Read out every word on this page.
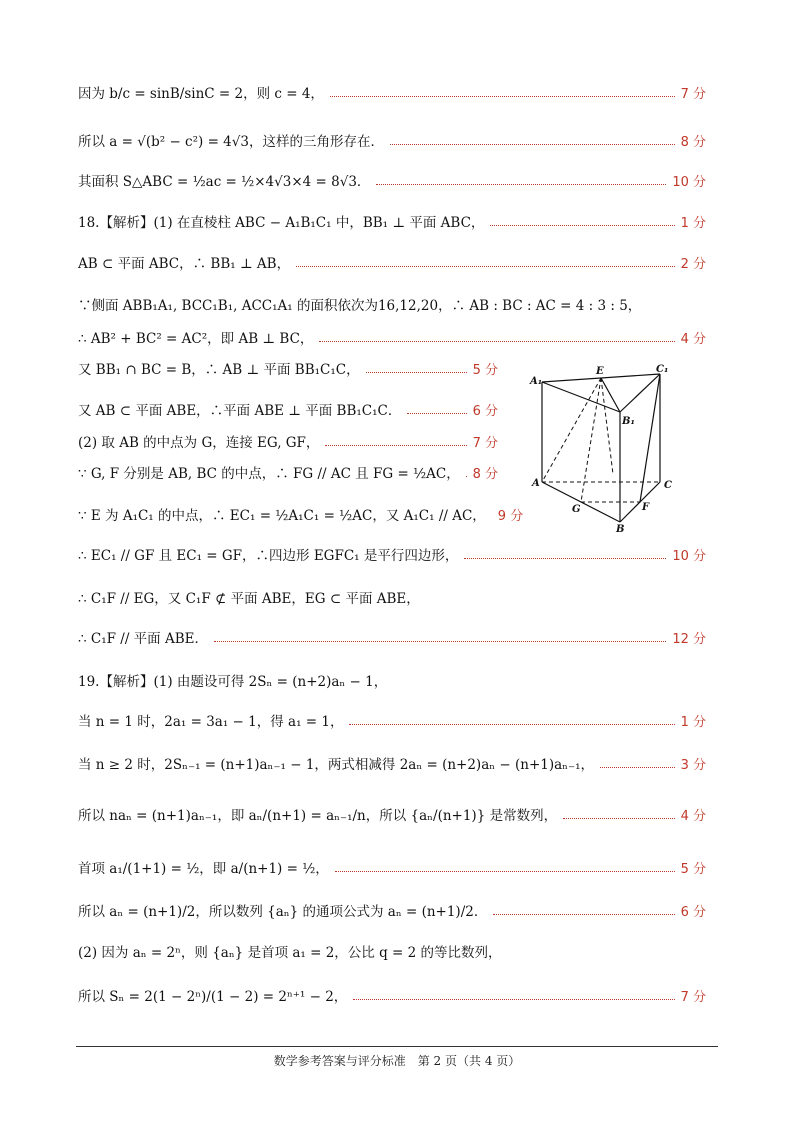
因为 b/c = sinB/sinC = 2，则 c = 4，	7 分
所以 a = √(b² − c²) = 4√3，这样的三角形存在．	8 分
其面积 S△ABC = ½ac = ½×4√3×4 = 8√3．	10 分
18.【解析】(1) 在直棱柱 ABC − A₁B₁C₁ 中，BB₁ ⊥ 平面 ABC，	1 分
AB ⊂ 平面 ABC，∴ BB₁ ⊥ AB，	2 分
∵侧面 ABB₁A₁, BCC₁B₁, ACC₁A₁ 的面积依次为16,12,20，∴ AB : BC : AC = 4 : 3 : 5，
∴ AB² + BC² = AC²，即 AB ⊥ BC，	4 分
又 BB₁ ∩ BC = B，∴ AB ⊥ 平面 BB₁C₁C，	5 分
又 AB ⊂ 平面 ABE，∴平面 ABE ⊥ 平面 BB₁C₁C．	6 分
(2) 取 AB 的中点为 G，连接 EG, GF，	7 分
∵ G, F 分别是 AB, BC 的中点，∴ FG // AC 且 FG = ½AC， 8 分
∵ E 为 A₁C₁ 的中点，∴ EC₁ = ½A₁C₁ = ½AC，又 A₁C₁ // AC， 9 分
∴ EC₁ // GF 且 EC₁ = GF，∴四边形 EGFC₁ 是平行四边形，	10 分
∴ C₁F // EG，又 C₁F ⊄ 平面 ABE，EG ⊂ 平面 ABE，
∴ C₁F // 平面 ABE．	12 分
19.【解析】(1) 由题设可得 2Sₙ = (n+2)aₙ − 1，
当 n = 1 时，2a₁ = 3a₁ − 1，得 a₁ = 1，	1 分
当 n ≥ 2 时，2Sₙ₋₁ = (n+1)aₙ₋₁ − 1，两式相减得 2aₙ = (n+2)aₙ − (n+1)aₙ₋₁，	3 分
所以 naₙ = (n+1)aₙ₋₁，即 aₙ/(n+1) = aₙ₋₁/n，所以 {aₙ/(n+1)} 是常数列，	4 分
首项 a₁/(1+1) = ½，即 a/(n+1) = ½，	5 分
所以 aₙ = (n+1)/2，所以数列 {aₙ} 的通项公式为 aₙ = (n+1)/2．	6 分
(2) 因为 aₙ = 2ⁿ，则 {aₙ} 是首项 a₁ = 2，公比 q = 2 的等比数列，
所以 Sₙ = 2(1 − 2ⁿ)/(1 − 2) = 2ⁿ⁺¹ − 2，	7 分
A₁
E	C₁
B₁
A	C
G	F
B
数学参考答案与评分标准　第 2 页（共 4 页）
